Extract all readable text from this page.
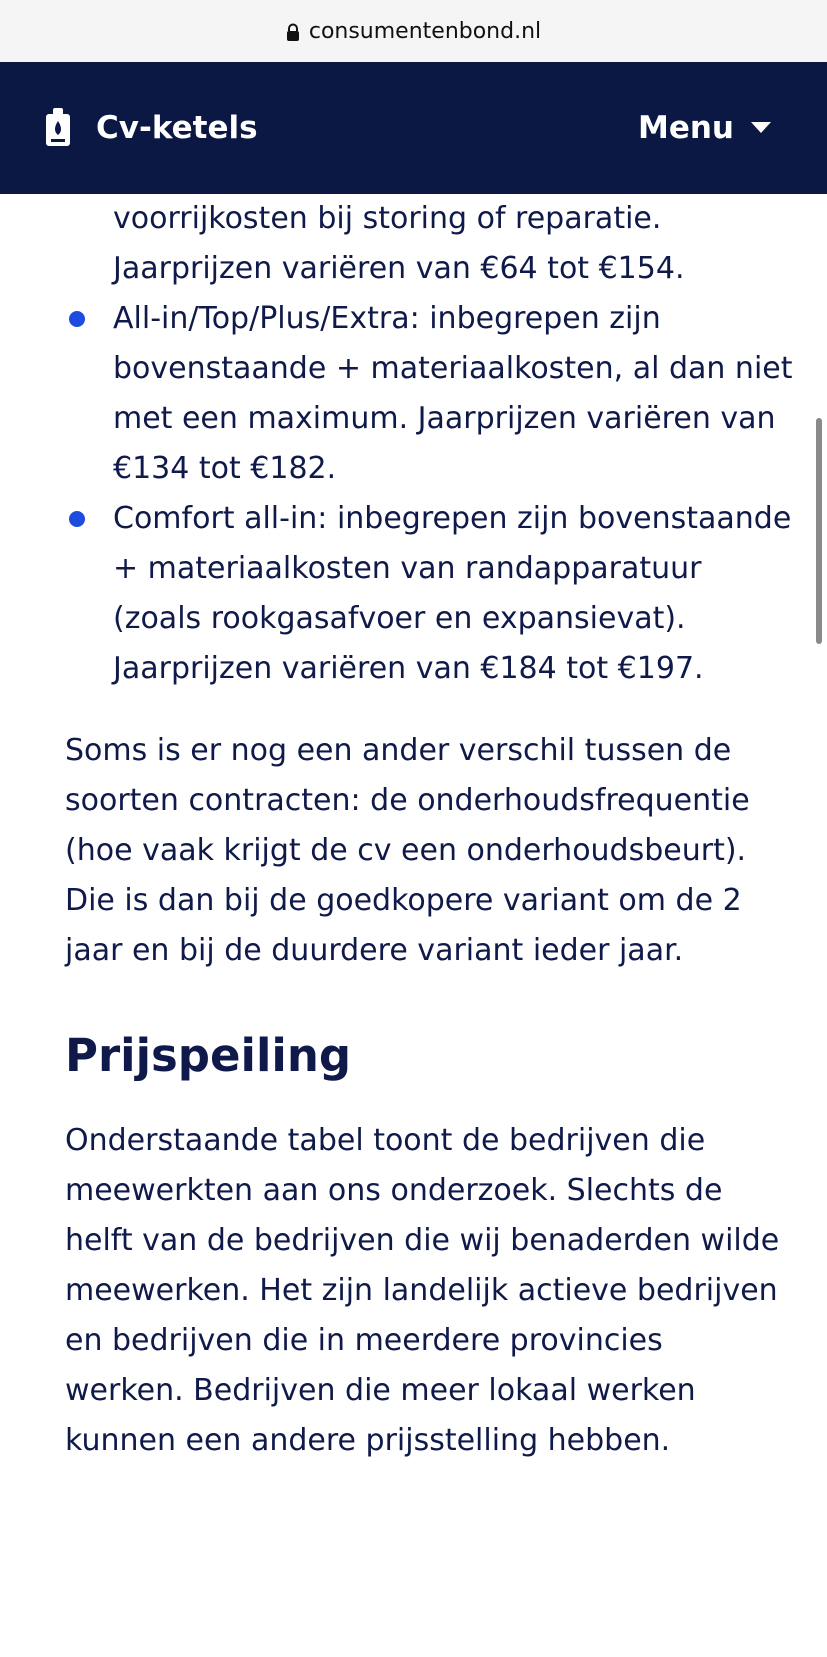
consumentenbond.nl
Cv-ketels	Menu
voorrijkosten bij storing of reparatie. Jaarprijzen variëren van €64 tot €154.
All-in/Top/Plus/Extra: inbegrepen zijn bovenstaande + materiaalkosten, al dan niet met een maximum. Jaarprijzen variëren van €134 tot €182.
Comfort all-in: inbegrepen zijn bovenstaande + materiaalkosten van randapparatuur (zoals rookgasafvoer en expansievat). Jaarprijzen variëren van €184 tot €197.

Soms is er nog een ander verschil tussen de soorten contracten: de onderhoudsfrequentie (hoe vaak krijgt de cv een onderhoudsbeurt). Die is dan bij de goedkopere variant om de 2 jaar en bij de duurdere variant ieder jaar.

Prijspeiling

Onderstaande tabel toont de bedrijven die meewerkten aan ons onderzoek. Slechts de helft van de bedrijven die wij benaderden wilde meewerken. Het zijn landelijk actieve bedrijven en bedrijven die in meerdere provincies werken. Bedrijven die meer lokaal werken kunnen een andere prijsstelling hebben.
